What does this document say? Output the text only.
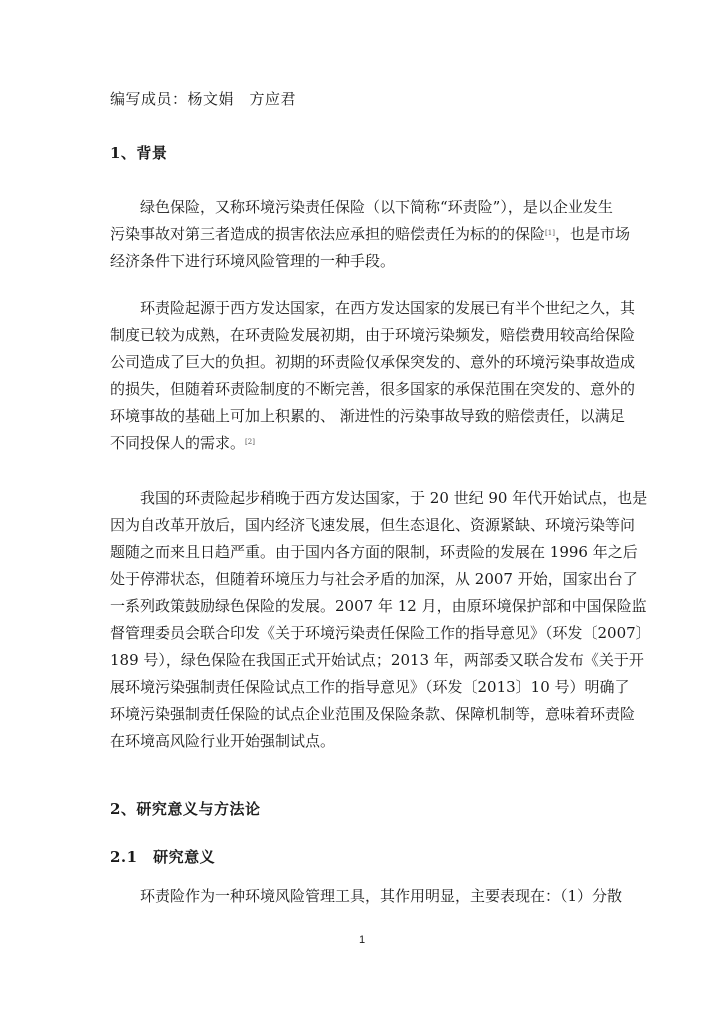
编写成员：杨文娟　方应君
1、背景
绿色保险，又称环境污染责任保险（以下简称“环责险”），是以企业发生
污染事故对第三者造成的损害依法应承担的赔偿责任为标的的保险[1]，也是市场
经济条件下进行环境风险管理的一种手段。
环责险起源于西方发达国家，在西方发达国家的发展已有半个世纪之久，其
制度已较为成熟，在环责险发展初期，由于环境污染频发，赔偿费用较高给保险
公司造成了巨大的负担。初期的环责险仅承保突发的、意外的环境污染事故造成
的损失，但随着环责险制度的不断完善，很多国家的承保范围在突发的、意外的
环境事故的基础上可加上积累的、 渐进性的污染事故导致的赔偿责任，以满足
不同投保人的需求。[2]
我国的环责险起步稍晚于西方发达国家，于 20 世纪 90 年代开始试点，也是
因为自改革开放后，国内经济飞速发展，但生态退化、资源紧缺、环境污染等问
题随之而来且日趋严重。由于国内各方面的限制，环责险的发展在 1996 年之后
处于停滞状态，但随着环境压力与社会矛盾的加深，从 2007 开始，国家出台了
一系列政策鼓励绿色保险的发展。2007 年 12 月，由原环境保护部和中国保险监
督管理委员会联合印发《关于环境污染责任保险工作的指导意见》（环发〔2007〕
189 号），绿色保险在我国正式开始试点；2013 年，两部委又联合发布《关于开
展环境污染强制责任保险试点工作的指导意见》（环发〔2013〕10 号）明确了
环境污染强制责任保险的试点企业范围及保险条款、保障机制等，意味着环责险
在环境高风险行业开始强制试点。
2、研究意义与方法论
2.1　研究意义
环责险作为一种环境风险管理工具，其作用明显，主要表现在：（1）分散
1
